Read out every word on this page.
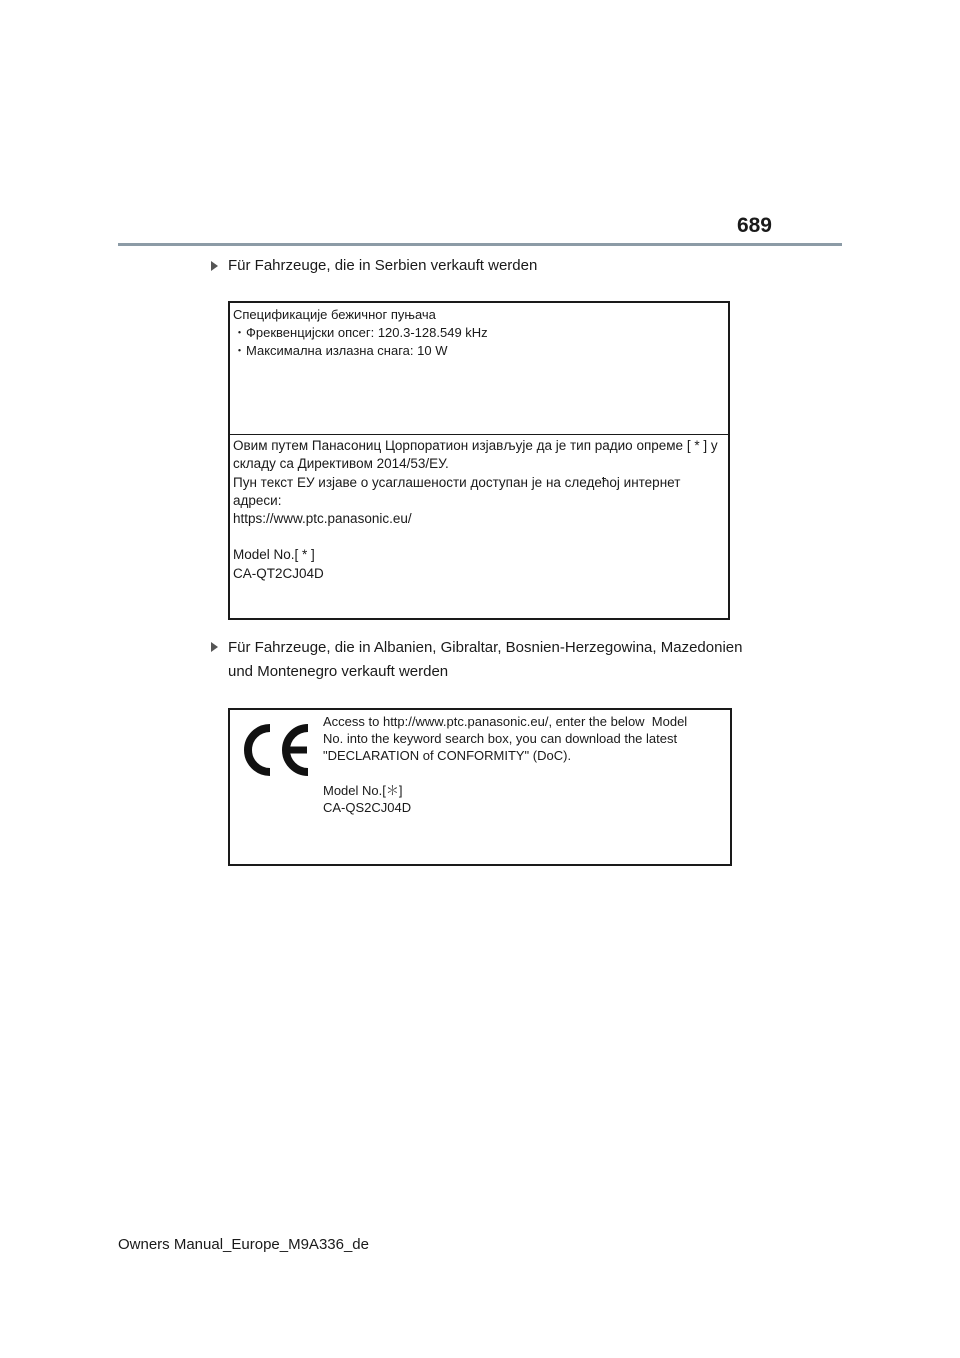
689
Für Fahrzeuge, die in Serbien verkauft werden
Спецификације бежичног пуњача
・Фреквенцијски опсег: 120.3-128.549 kHz
・Максимална излазна снага: 10 W
Овим путем Панасониц Цорпоратион изјављује да је тип радио опреме [ * ] у
складу са Директивом 2014/53/ЕУ.
Пун текст ЕУ изјаве о усаглашености доступан је на следећој интернет
адреси:
https://www.ptc.panasonic.eu/
Model No.[ * ]
CA-QT2CJ04D
Für Fahrzeuge, die in Albanien, Gibraltar, Bosnien-Herzegowina, Mazedonien und Montenegro verkauft werden
Access to http://www.ptc.panasonic.eu/, enter the below  Model
No. into the keyword search box, you can download the latest
"DECLARATION of CONFORMITY" (DoC).
Model No.[＊]
CA-QS2CJ04D
Owners Manual_Europe_M9A336_de
